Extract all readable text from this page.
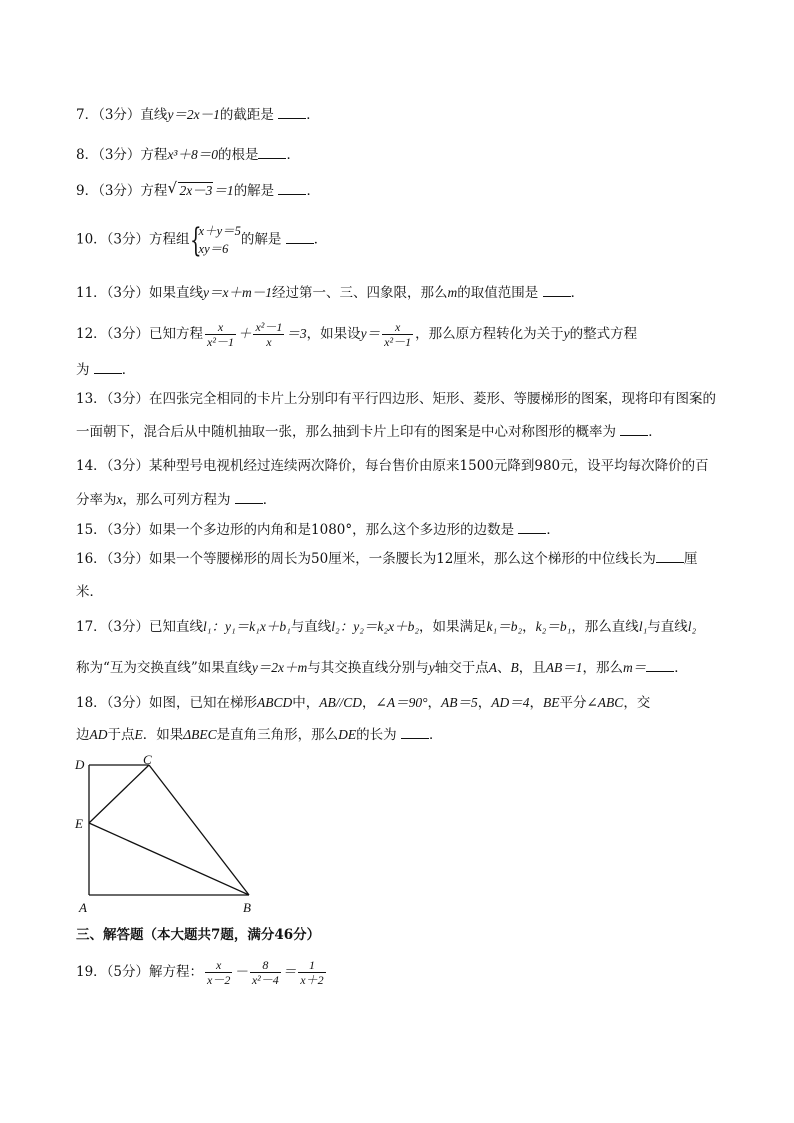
7．（3分）直线y＝2x－1的截距是 ．
8．（3分）方程x³＋8＝0的根是 ．
9．（3分）方程 √ 2x－3＝1的解是 ．
10．（3分）方程组 {
x＋y＝5
xy＝6
的解是 ．
11．（3分）如果直线y＝x＋m－1经过第一、三、四象限，那么m的取值范围是 ．
12．（3分）已知方程 $\frac{x}{\text{x²－1}} + \frac{\text{x²－1}}{x} =3$，如果设$y= \frac{x}{\text{x²－1}}$ ，那么原方程转化为关于y的整式方程
为 ．
13．（3分）在四张完全相同的卡片上分别印有平行四边形、矩形、菱形、等腰梯形的图案，现将印有图案的一面朝下，混合后从中随机抽取一张，那么抽到卡片上印有的图案是中心对称图形的概率为 ．
14．（3分）某种型号电视机经过连续两次降价，每台售价由原来1500元降到980元，设平均每次降价的百分率为x，那么可列方程为 ．
15．（3分）如果一个多边形的内角和是1080°，那么这个多边形的边数是 ．
16．（3分）如果一个等腰梯形的周长为50厘米，一条腰长为12厘米，那么这个梯形的中位线长为 厘米．
17．（3分）已知直线l₁：y₁＝k₁x＋b₁与直线l₂：y₂＝k₂x＋b₂，如果满足k₁＝b₂，k₂＝b₁，那么直线l₁与直线l₂
称为“互为交换直线”如果直线y＝2x＋m与其交换直线分别与y轴交于点A、B，且AB＝1，那么m＝ ．
18．（3分）如图，已知在梯形ABCD中，AB//CD，∠A＝90°，AB＝5，AD＝4，BE平分∠ABC，交
边AD于点E．如果ΔBEC是直角三角形，那么DE的长为 ．
D	C
E
A	B
三、解答题（本大题共7题，满分46分）
19．（5分）解方程： $\frac{x}{x-2} - \frac{8}{\text{x²－4}} = \frac{1}{x+2}$
